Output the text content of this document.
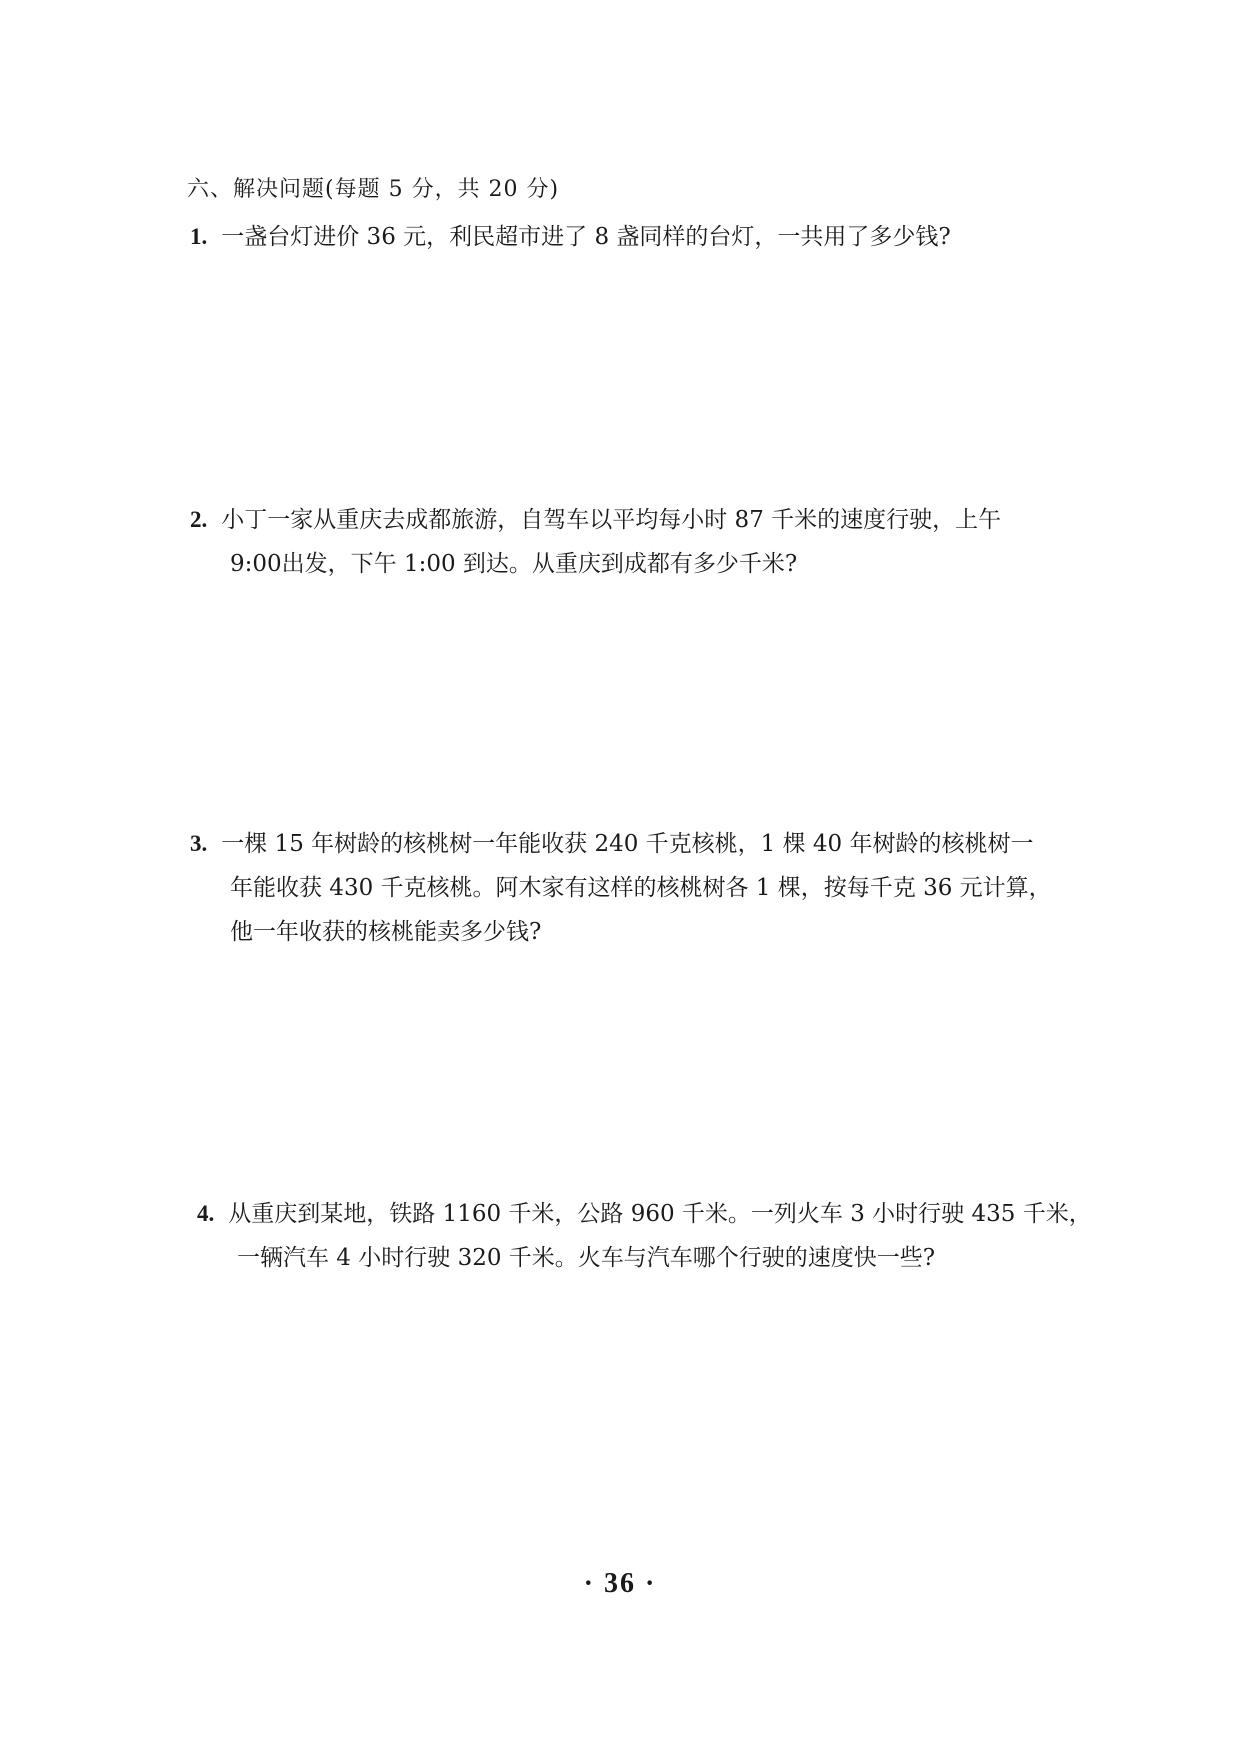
六、解决问题(每题 5 分，共 20 分)
1. 一盏台灯进价 36 元，利民超市进了 8 盏同样的台灯，一共用了多少钱?
2. 小丁一家从重庆去成都旅游，自驾车以平均每小时 87 千米的速度行驶，上午
9:00出发，下午 1:00 到达。从重庆到成都有多少千米?
3. 一棵 15 年树龄的核桃树一年能收获 240 千克核桃，1 棵 40 年树龄的核桃树一
年能收获 430 千克核桃。阿木家有这样的核桃树各 1 棵，按每千克 36 元计算，
他一年收获的核桃能卖多少钱?
4. 从重庆到某地，铁路 1160 千米，公路 960 千米。一列火车 3 小时行驶 435 千米，
一辆汽车 4 小时行驶 320 千米。火车与汽车哪个行驶的速度快一些?
· 36 ·
